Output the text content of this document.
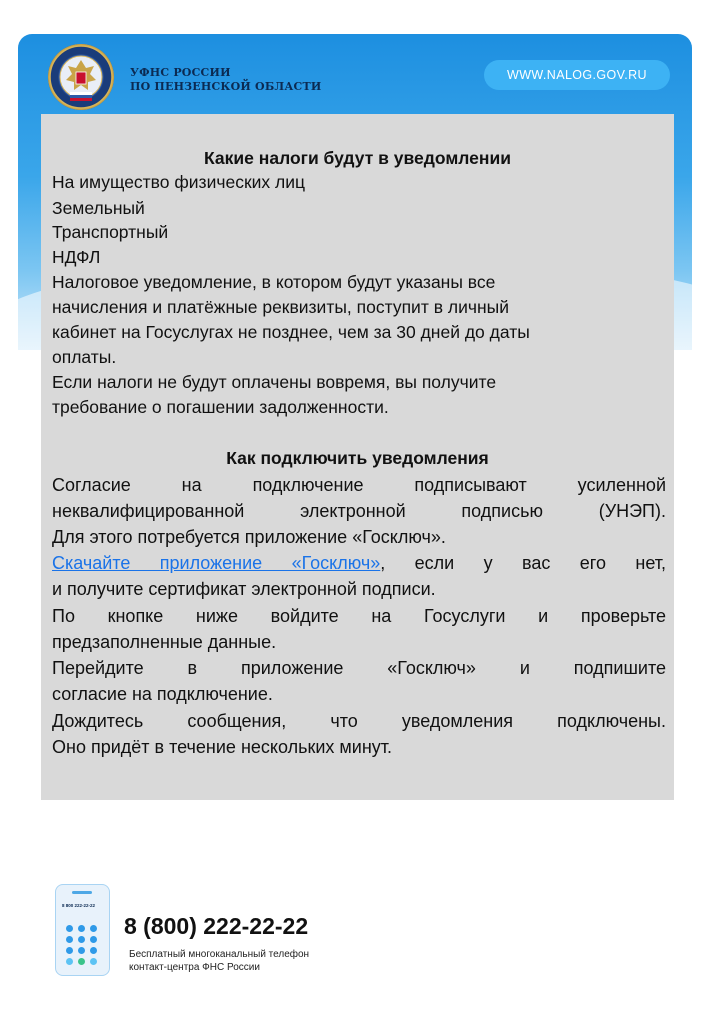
УФНС РОССИИ
ПО ПЕНЗЕНСКОЙ ОБЛАСТИ
WWW.NALOG.GOV.RU
Какие налоги будут в уведомлении
На имущество физических лиц
Земельный
Транспортный
НДФЛ
Налоговое уведомление, в котором будут указаны все
начисления и платёжные реквизиты, поступит в личный
кабинет на Госуслугах не позднее, чем за 30 дней до даты
оплаты.
Если налоги не будут оплачены вовремя, вы получите
требование о погашении задолженности.
Как подключить уведомления
Согласие на подключение подписывают усиленной
неквалифицированной электронной подписью (УНЭП).
Для этого потребуется приложение «Госключ».
Скачайте приложение «Госключ», если у вас его нет,
и получите сертификат электронной подписи.
По кнопке ниже войдите на Госуслуги и проверьте
предзаполненные данные.
Перейдите в приложение «Госключ» и подпишите
согласие на подключение.
Дождитесь сообщения, что уведомления подключены.
Оно придёт в течение нескольких минут.
8 800 222-22-22
8 (800) 222-22-22
Бесплатный многоканальный телефон
контакт-центра ФНС России
